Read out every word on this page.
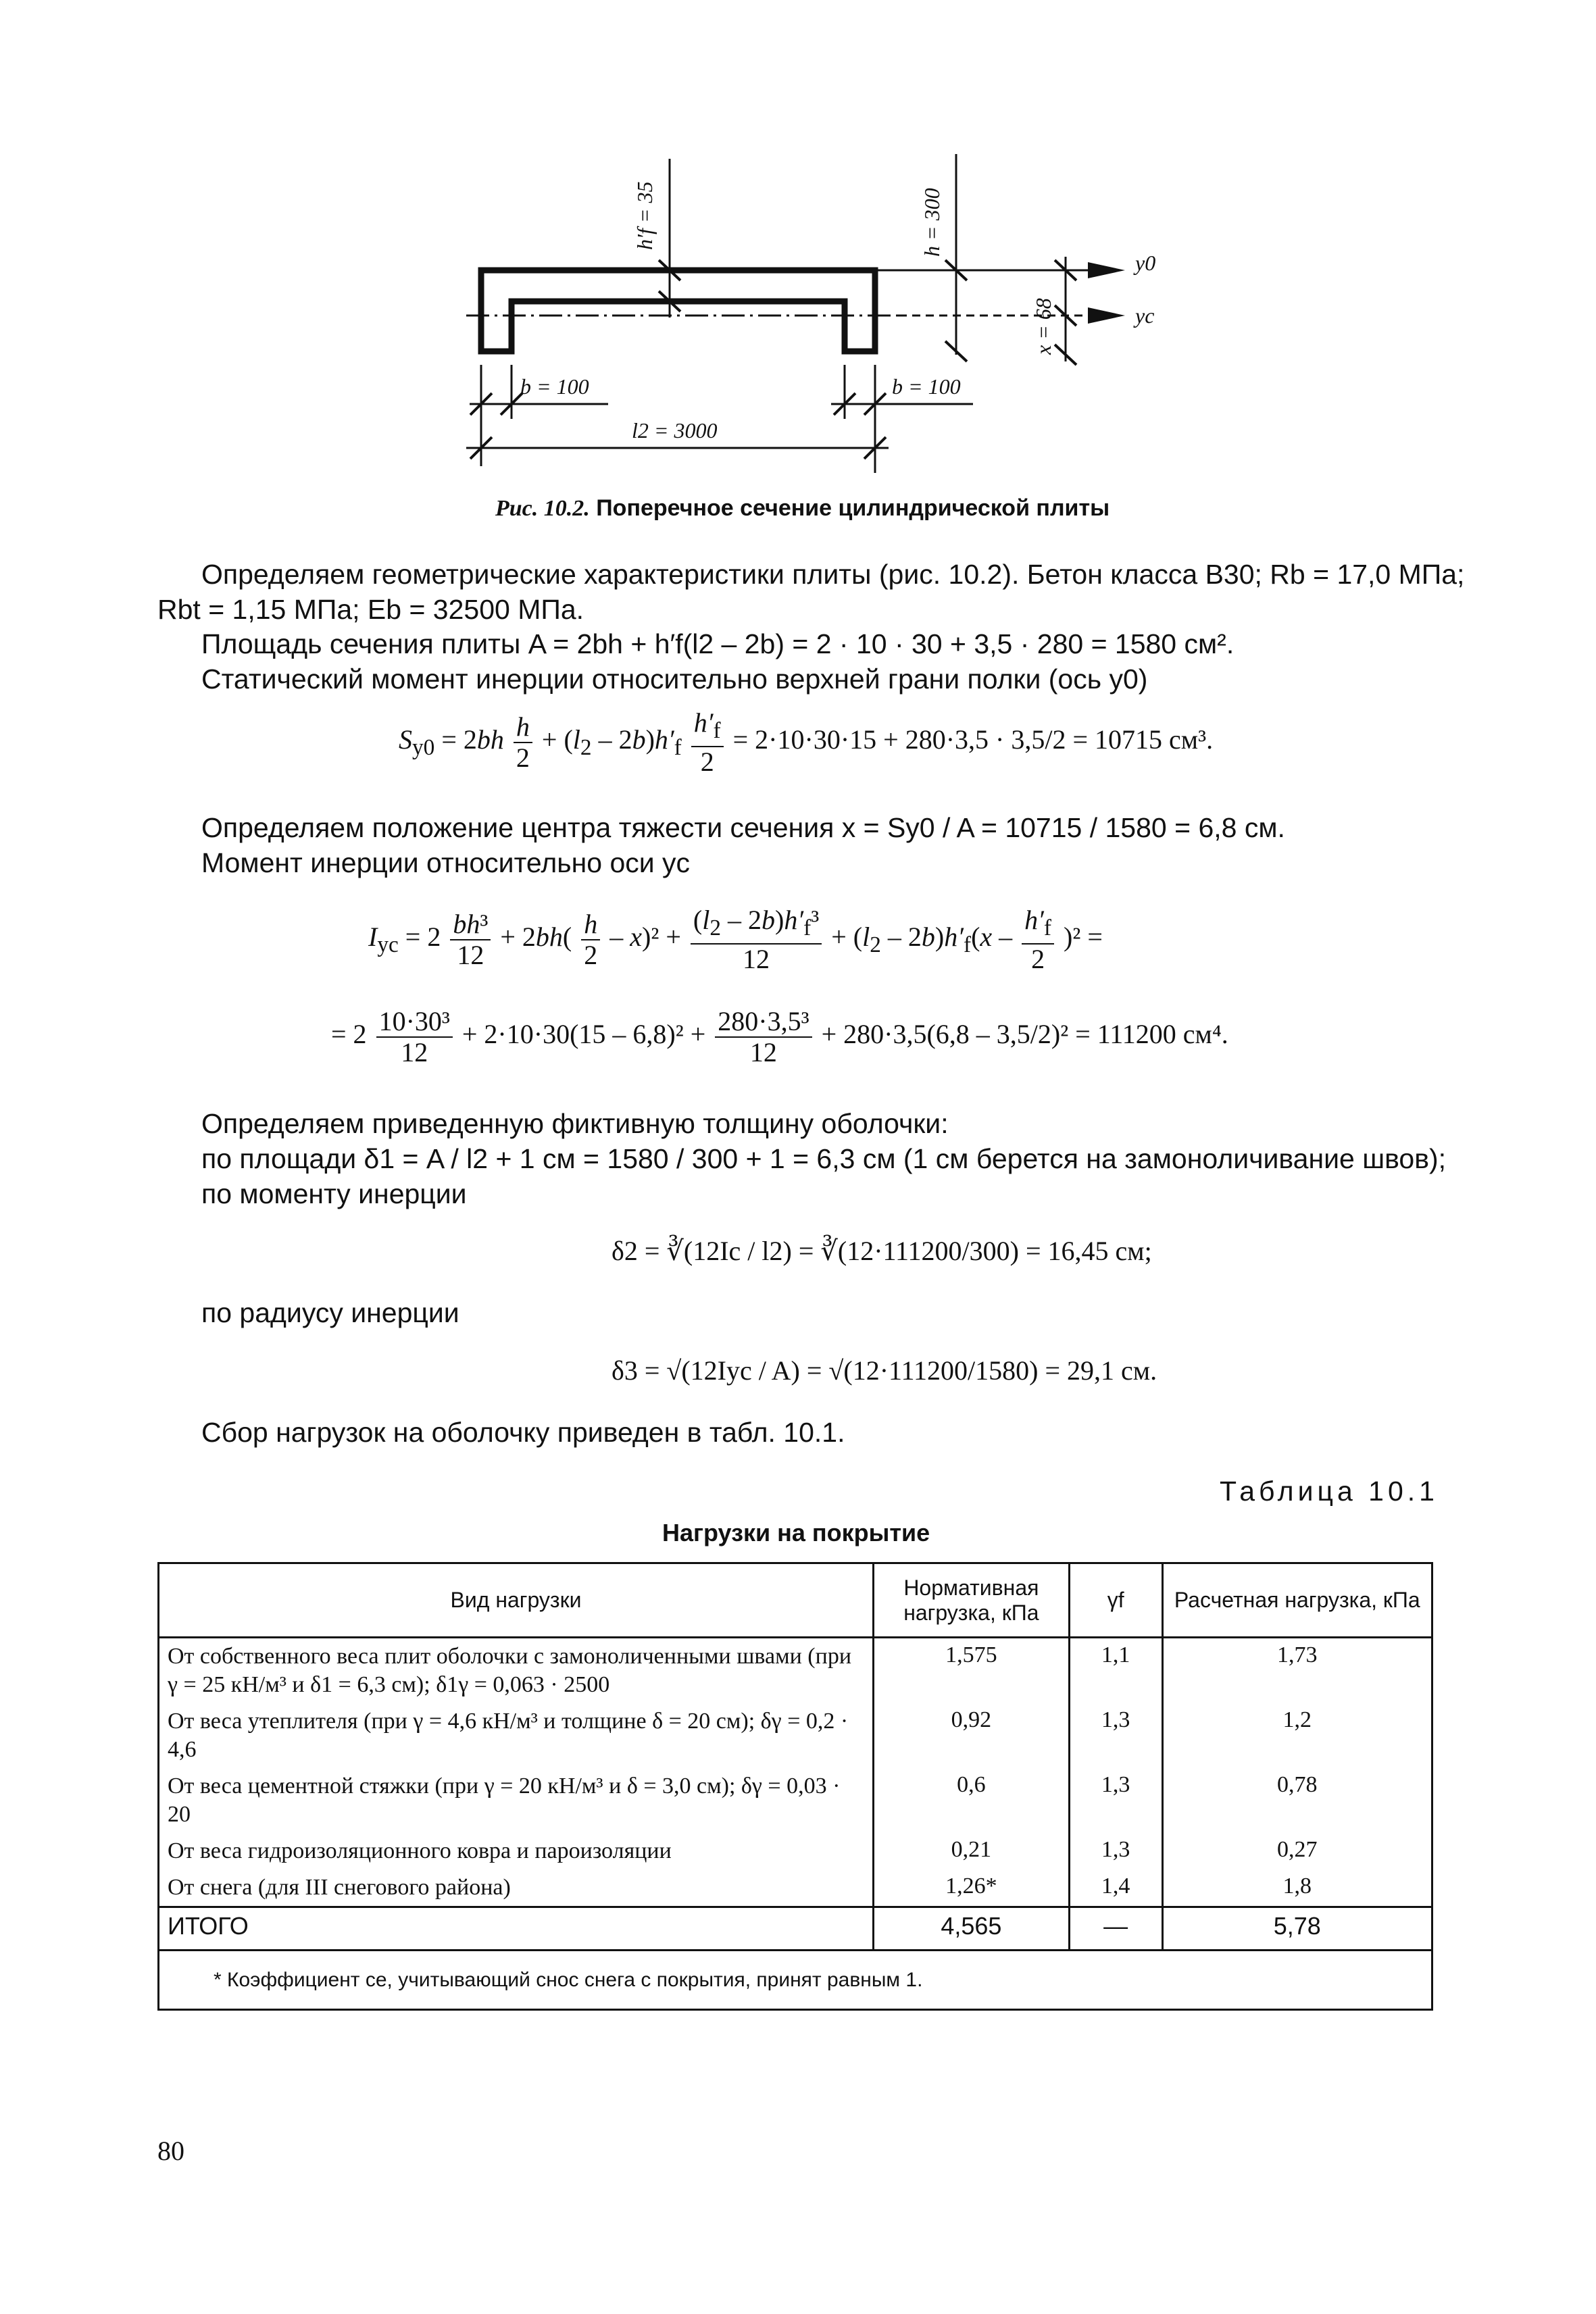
h′f = 35	h = 300
x = 68
y0
yc
b = 100	b = 100
l2 = 3000
Рис. 10.2. Поперечное сечение цилиндрической плиты
Определяем геометрические характеристики плиты (рис. 10.2). Бетон класса В30; Rb = 17,0 МПа;
Rbt = 1,15 МПа; Eb = 32500 МПа.
Площадь сечения плиты A = 2bh + h′f(l2 – 2b) = 2 · 10 · 30 + 3,5 · 280 = 1580 см².
Статический момент инерции относительно верхней грани полки (ось y0)
$S_{y0} = 2bh \frac{h}{2} + (l_2 - 2b)h'_f \frac{h'_f}{2} = 2\cdot 10\cdot 30\cdot 15 + 280\cdot 3,5 \cdot 3,5/2 = 10715$ см³.
Определяем положение центра тяжести сечения x = Sy0 / A = 10715 / 1580 = 6,8 см.
Момент инерции относительно оси yc
$I_{yc} = 2 \frac{\text{bh³}}{12} + 2bh( \frac{h}{2} - x)^2 + \frac{(l_2 - 2b)h'_f^3}{12} + (l_2 - 2b)h'_f(x - \frac{h'_f}{2} )^2$ =
= $2 \frac{\text{10·30³}}{12} + 2\cdot 10\cdot 30(15 - 6,8)^2 + \frac{\text{280·3,5³}}{12} + 280\cdot 3,5(6,8 - 3,5/2)^2 = 111200$ см⁴.
Определяем приведенную фиктивную толщину оболочки:
по площади δ1 = A / l2 + 1 см = 1580 / 300 + 1 = 6,3 см (1 см берется на замоноличивание швов);
по моменту инерции
δ2 = ∛(12Ic / l2) = ∛(12·111200/300) = 16,45 см;
по радиусу инерции
δ3 = √(12Iyc / A) = √(12·111200/1580) = 29,1 см.
Сбор нагрузок на оболочку приведен в табл. 10.1.
Таблица 10.1
Нагрузки на покрытие
Вид нагрузки	Нормативная нагрузка, кПа	γf	Расчетная нагрузка, кПа
От собственного веса плит оболочки с замоноличенными швами (при γ = 25 кН/м³ и δ1 = 6,3 см); δ1γ = 0,063 · 2500	1,575	1,1	1,73
От веса утеплителя (при γ = 4,6 кН/м³ и толщине δ = 20 см); δγ = 0,2 · 4,6	0,92	1,3	1,2
От веса цементной стяжки (при γ = 20 кН/м³ и δ = 3,0 см); δγ = 0,03 · 20	0,6	1,3	0,78
От веса гидроизоляционного ковра и пароизоляции	0,21	1,3	0,27
От снега (для III снегового района)	1,26*	1,4	1,8
ИТОГО	4,565	—	5,78
* Коэффициент ce, учитывающий снос снега с покрытия, принят равным 1.			
80
